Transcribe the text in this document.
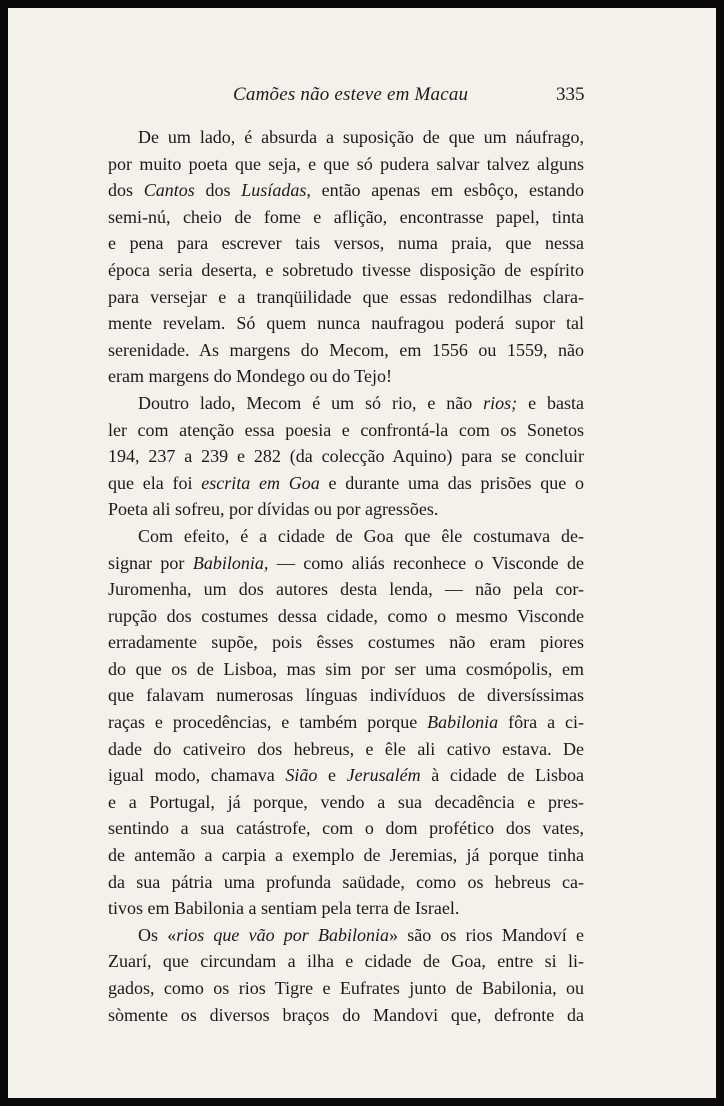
Camões não esteve em Macau	335
De um lado, é absurda a suposição de que um náufrago,
por muito poeta que seja, e que só pudera salvar talvez alguns
dos Cantos dos Lusíadas, então apenas em esbôço, estando
semi-nú, cheio de fome e aflição, encontrasse papel, tinta
e pena para escrever tais versos, numa praia, que nessa
época seria deserta, e sobretudo tivesse disposição de espírito
para versejar e a tranqüilidade que essas redondilhas clara-
mente revelam. Só quem nunca naufragou poderá supor tal
serenidade. As margens do Mecom, em 1556 ou 1559, não
eram margens do Mondego ou do Tejo!
Doutro lado, Mecom é um só rio, e não rios; e basta
ler com atenção essa poesia e confrontá-la com os Sonetos
194, 237 a 239 e 282 (da colecção Aquino) para se concluir
que ela foi escrita em Goa e durante uma das prisões que o
Poeta ali sofreu, por dívidas ou por agressões.
Com efeito, é a cidade de Goa que êle costumava de-
signar por Babilonia, — como aliás reconhece o Visconde de
Juromenha, um dos autores desta lenda, — não pela cor-
rupção dos costumes dessa cidade, como o mesmo Visconde
erradamente supõe, pois êsses costumes não eram piores
do que os de Lisboa, mas sim por ser uma cosmópolis, em
que falavam numerosas línguas indivíduos de diversíssimas
raças e procedências, e também porque Babilonia fôra a ci-
dade do cativeiro dos hebreus, e êle ali cativo estava. De
igual modo, chamava Sião e Jerusalém à cidade de Lisboa
e a Portugal, já porque, vendo a sua decadência e pres-
sentindo a sua catástrofe, com o dom profético dos vates,
de antemão a carpia a exemplo de Jeremias, já porque tinha
da sua pátria uma profunda saüdade, como os hebreus ca-
tivos em Babilonia a sentiam pela terra de Israel.
Os «rios que vão por Babilonia» são os rios Mandoví e
Zuarí, que circundam a ilha e cidade de Goa, entre si li-
gados, como os rios Tigre e Eufrates junto de Babilonia, ou
sòmente os diversos braços do Mandovi que, defronte da
